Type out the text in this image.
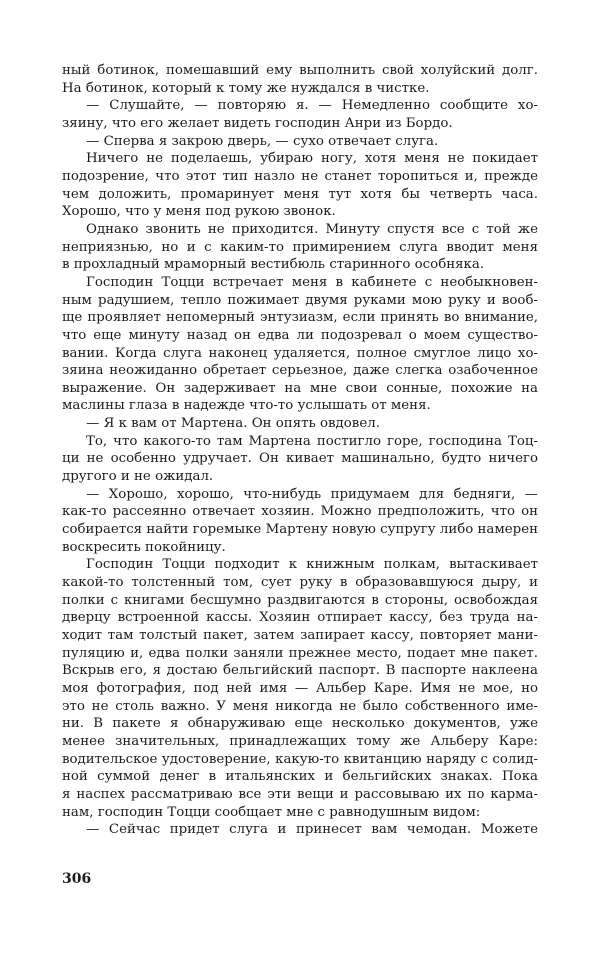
ный ботинок, помешавший ему выполнить свой холуйский долг.
На ботинок, который к тому же нуждался в чистке.

— Слушайте, — повторяю я. — Немедленно сообщите хо-
зяину, что его желает видеть господин Анри из Бордо.

— Сперва я закрою дверь, — сухо отвечает слуга.

Ничего не поделаешь, убираю ногу, хотя меня не покидает
подозрение, что этот тип назло не станет торопиться и, прежде
чем доложить, промаринует меня тут хотя бы четверть часа.
Хорошо, что у меня под рукою звонок.

Однако звонить не приходится. Минуту спустя все с той же
неприязнью, но и с каким-то примирением слуга вводит меня
в прохладный мраморный вестибюль старинного особняка.

Господин Тоцци встречает меня в кабинете с необыкновен-
ным радушием, тепло пожимает двумя руками мою руку и вооб-
ще проявляет непомерный энтузиазм, если принять во внимание,
что еще минуту назад он едва ли подозревал о моем существо-
вании. Когда слуга наконец удаляется, полное смуглое лицо хо-
зяина неожиданно обретает серьезное, даже слегка озабоченное
выражение. Он задерживает на мне свои сонные, похожие на
маслины глаза в надежде что-то услышать от меня.

— Я к вам от Мартена. Он опять овдовел.

То, что какого-то там Мартена постигло горе, господина Тоц-
ци не особенно удручает. Он кивает машинально, будто ничего
другого и не ожидал.

— Хорошо, хорошо, что-нибудь придумаем для бедняги, —
как-то рассеянно отвечает хозяин. Можно предположить, что он
собирается найти горемыке Мартену новую супругу либо намерен
воскресить покойницу.

Господин Тоцци подходит к книжным полкам, вытаскивает
какой-то толстенный том, сует руку в образовавшуюся дыру, и
полки с книгами бесшумно раздвигаются в стороны, освобождая
дверцу встроенной кассы. Хозяин отпирает кассу, без труда на-
ходит там толстый пакет, затем запирает кассу, повторяет мани-
пуляцию и, едва полки заняли прежнее место, подает мне пакет.
Вскрыв его, я достаю бельгийский паспорт. В паспорте наклеена
моя фотография, под ней имя — Альбер Каре. Имя не мое, но
это не столь важно. У меня никогда не было собственного име-
ни. В пакете я обнаруживаю еще несколько документов, уже
менее значительных, принадлежащих тому же Альберу Каре:
водительское удостоверение, какую-то квитанцию наряду с солид-
ной суммой денег в итальянских и бельгийских знаках. Пока
я наспех рассматриваю все эти вещи и рассовываю их по карма-
нам, господин Тоцци сообщает мне с равнодушным видом:

— Сейчас придет слуга и принесет вам чемодан. Можете

306
